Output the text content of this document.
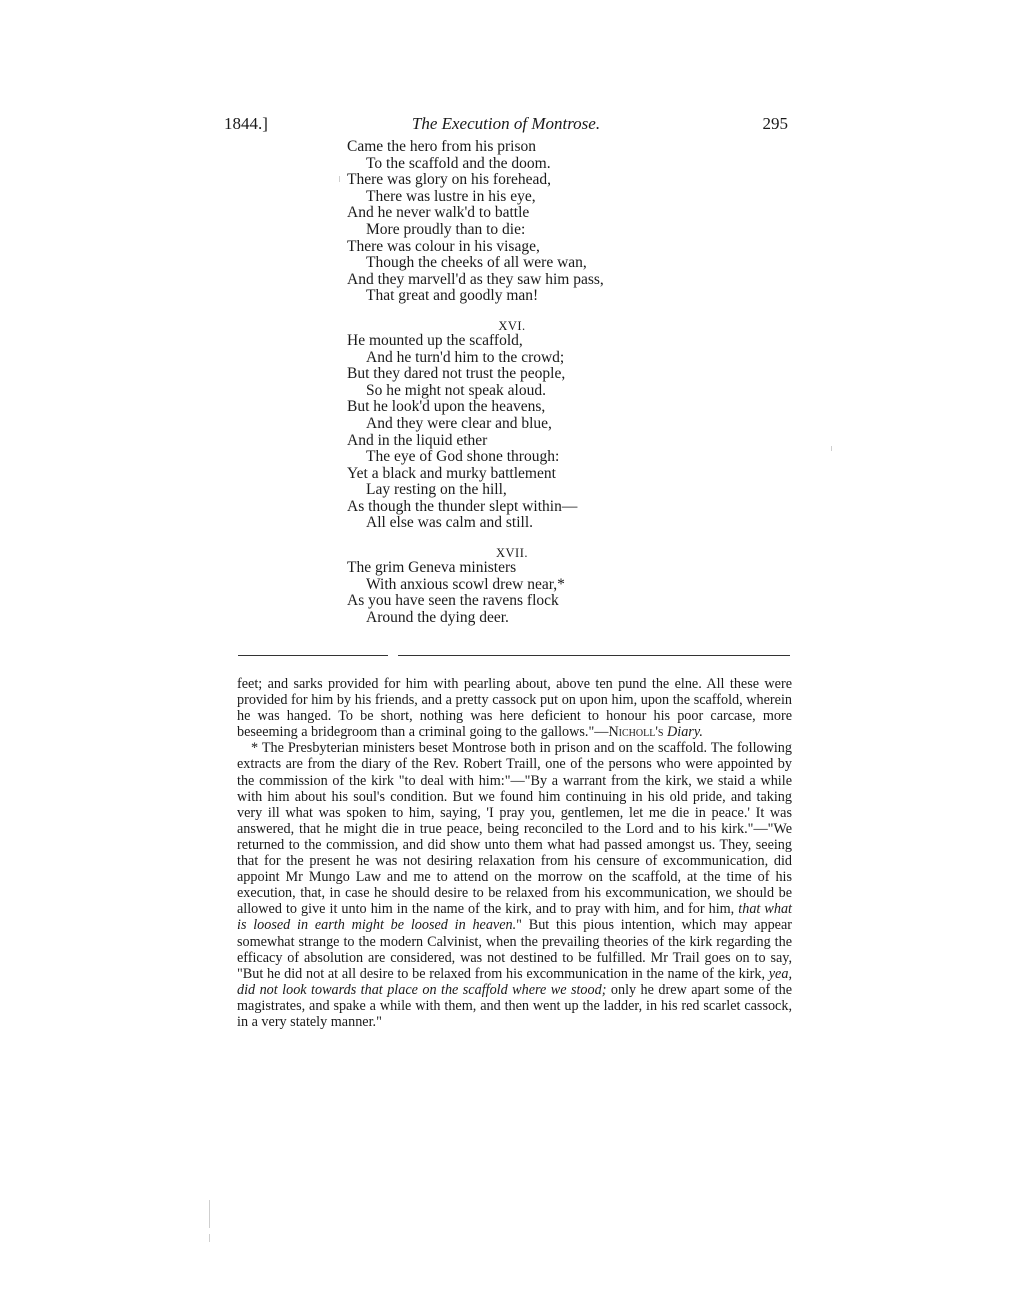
1844.]	The Execution of Montrose.	295
Came the hero from his prison
To the scaffold and the doom.
There was glory on his forehead,
There was lustre in his eye,
And he never walk'd to battle
More proudly than to die:
There was colour in his visage,
Though the cheeks of all were wan,
And they marvell'd as they saw him pass,
That great and goodly man!
XVI.
He mounted up the scaffold,
And he turn'd him to the crowd;
But they dared not trust the people,
So he might not speak aloud.
But he look'd upon the heavens,
And they were clear and blue,
And in the liquid ether
The eye of God shone through:
Yet a black and murky battlement
Lay resting on the hill,
As though the thunder slept within—
All else was calm and still.
XVII.
The grim Geneva ministers
With anxious scowl drew near,*
As you have seen the ravens flock
Around the dying deer.

feet; and sarks provided for him with pearling about, above ten pund the elne. All these were provided for him by his friends, and a pretty cassock put on upon him, upon the scaffold, wherein he was hanged. To be short, nothing was here deficient to honour his poor carcase, more beseeming a bridegroom than a criminal going to the gallows."—Nicholl's Diary.

* The Presbyterian ministers beset Montrose both in prison and on the scaffold. The following extracts are from the diary of the Rev. Robert Traill, one of the persons who were appointed by the commission of the kirk "to deal with him:"—"By a warrant from the kirk, we staid a while with him about his soul's condition. But we found him continuing in his old pride, and taking very ill what was spoken to him, saying, 'I pray you, gentlemen, let me die in peace.' It was answered, that he might die in true peace, being reconciled to the Lord and to his kirk."—"We returned to the commission, and did show unto them what had passed amongst us. They, seeing that for the present he was not desiring relaxation from his censure of excommunication, did appoint Mr Mungo Law and me to attend on the morrow on the scaffold, at the time of his execution, that, in case he should desire to be relaxed from his excommunication, we should be allowed to give it unto him in the name of the kirk, and to pray with him, and for him, that what is loosed in earth might be loosed in heaven." But this pious intention, which may appear somewhat strange to the modern Calvinist, when the prevailing theories of the kirk regarding the efficacy of absolution are considered, was not destined to be fulfilled. Mr Trail goes on to say, "But he did not at all desire to be relaxed from his excommunication in the name of the kirk, yea, did not look towards that place on the scaffold where we stood; only he drew apart some of the magistrates, and spake a while with them, and then went up the ladder, in his red scarlet cassock, in a very stately manner."
